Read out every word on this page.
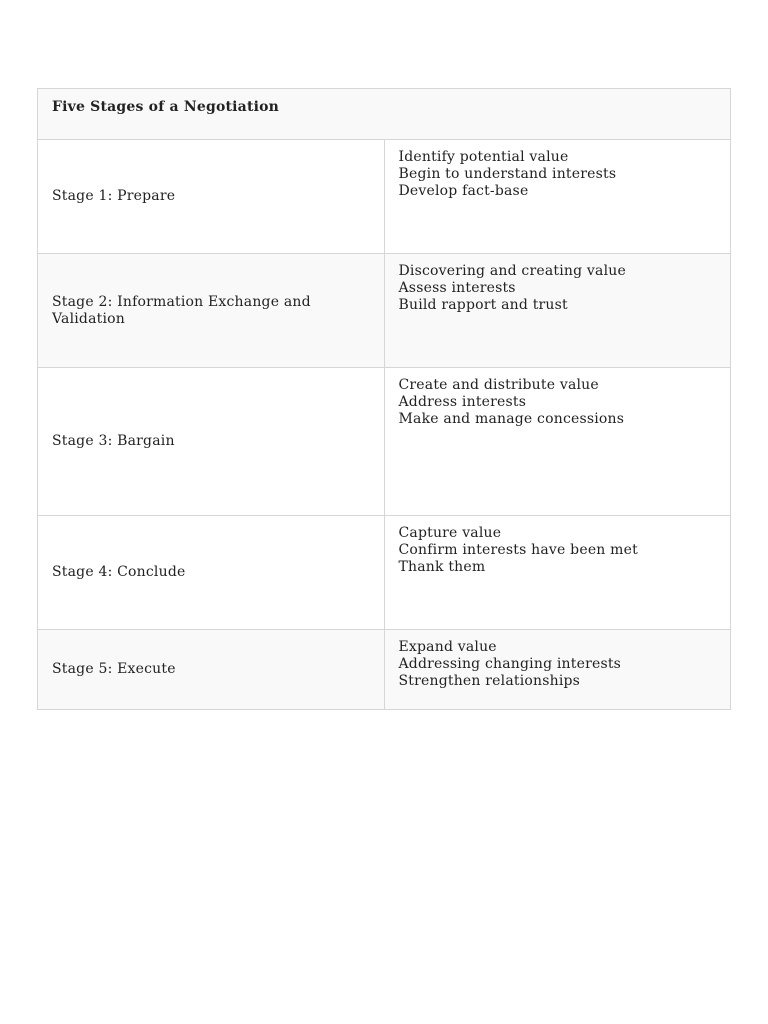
Five Stages of a Negotiation	

Stage 1: Prepare	Identify potential value
Begin to understand interests
Develop fact-base

Stage 2: Information Exchange and Validation	Discovering and creating value
Assess interests
Build rapport and trust

Stage 3: Bargain	Create and distribute value
Address interests
Make and manage concessions

Stage 4: Conclude	Capture value
Confirm interests have been met
Thank them

Stage 5: Execute	Expand value
Addressing changing interests
Strengthen relationships
